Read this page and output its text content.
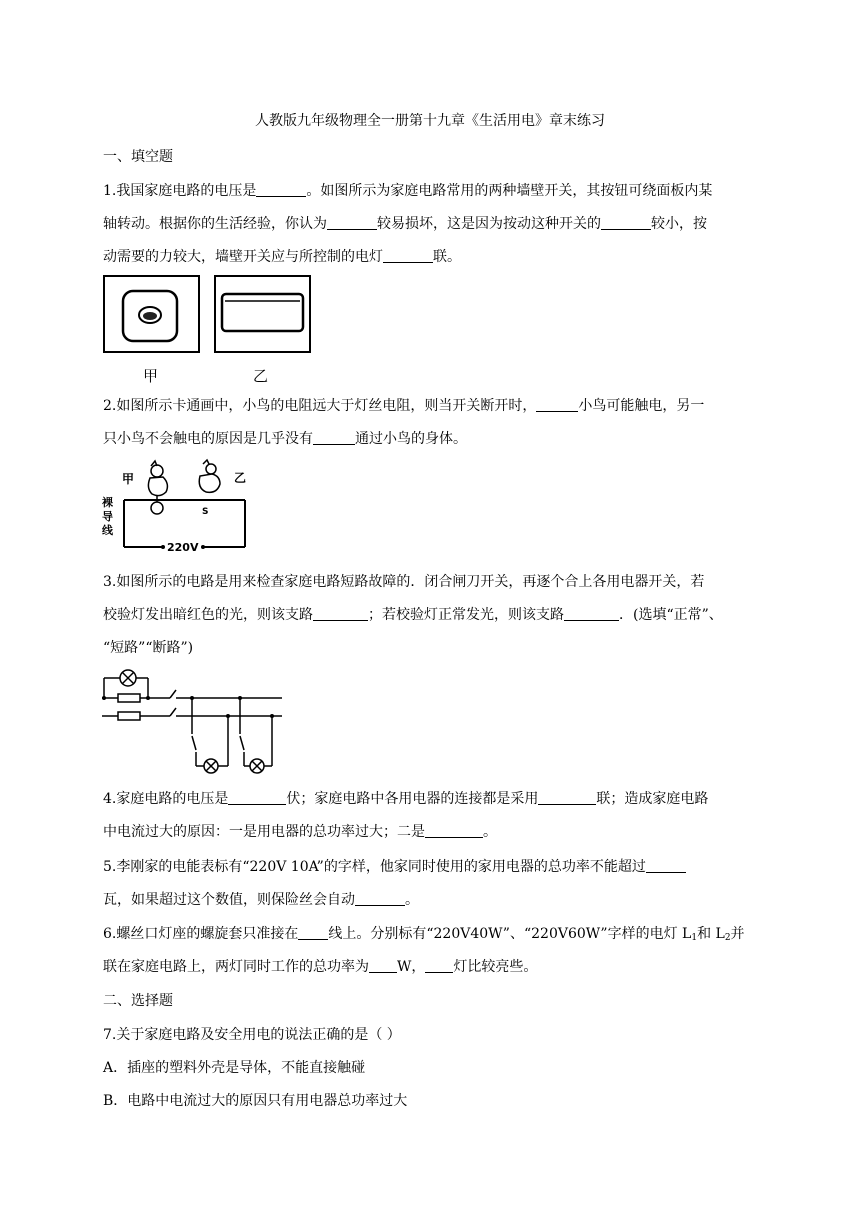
人教版九年级物理全一册第十九章《生活用电》章末练习
一、填空题
1.我国家庭电路的电压是	。如图所示为家庭电路常用的两种墙壁开关，其按钮可绕面板内某
轴转动。根据你的生活经验，你认为	较易损坏，这是因为按动这种开关的	较小，按
动需要的力较大，墙壁开关应与所控制的电灯	联。
甲	乙
2.如图所示卡通画中，小鸟的电阻远大于灯丝电阻，则当开关断开时，	小鸟可能触电，另一
只小鸟不会触电的原因是几乎没有	通过小鸟的身体。
甲	乙
S
220V
裸导线
3.如图所示的电路是用来检查家庭电路短路故障的．闭合闸刀开关，再逐个合上各用电器开关，若
校验灯发出暗红色的光，则该支路	；若校验灯正常发光，则该支路	．(选填“正常”、
“短路”“断路”)
4.家庭电路的电压是	伏；家庭电路中各用电器的连接都是采用	联；造成家庭电路
中电流过大的原因：一是用电器的总功率过大；二是	。
5.李刚家的电能表标有“220V 10A”的字样，他家同时使用的家用电器的总功率不能超过
瓦，如果超过这个数值，则保险丝会自动	。
6.螺丝口灯座的螺旋套只准接在 线上。分别标有“220V40W”、“220V60W”字样的电灯 $L_1$和 $L_2$并
联在家庭电路上，两灯同时工作的总功率为 W， 灯比较亮些。
二、选择题
7.关于家庭电路及安全用电的说法正确的是（ ）
A．插座的塑料外壳是导体，不能直接触碰
B．电路中电流过大的原因只有用电器总功率过大
